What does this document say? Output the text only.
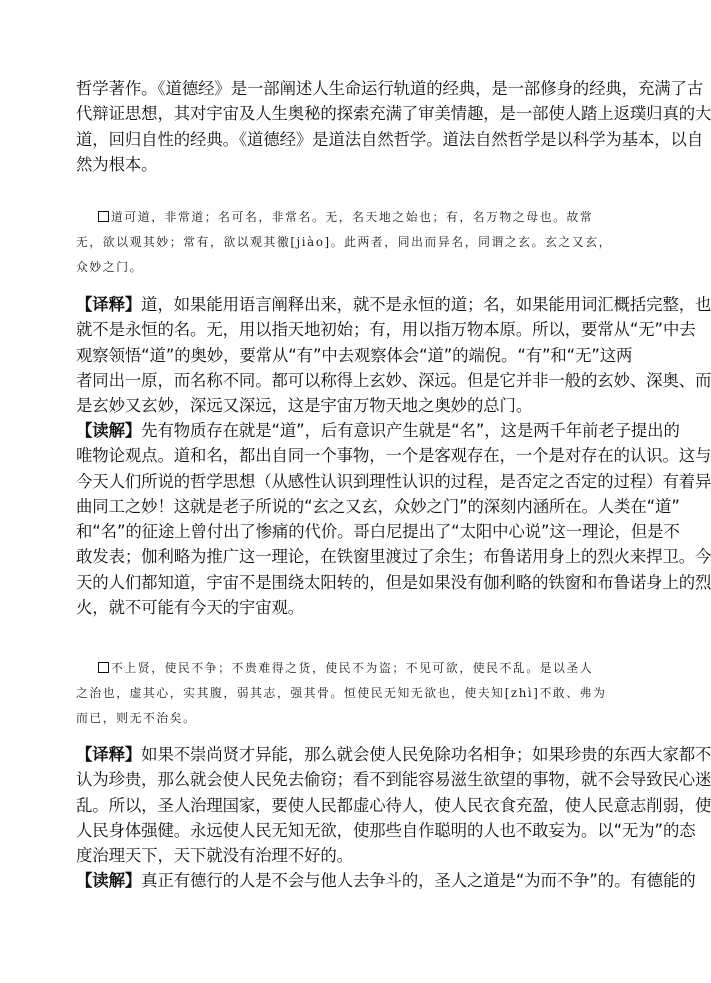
哲学著作。《道德经》是一部阐述人生命运行轨道的经典，是一部修身的经典，充满了古
代辩证思想，其对宇宙及人生奥秘的探索充满了审美情趣，是一部使人踏上返璞归真的大
道，回归自性的经典。《道德经》是道法自然哲学。道法自然哲学是以科学为基本，以自
然为根本。
道可道，非常道；名可名，非常名。无，名天地之始也；有，名万物之母也。故常
无，欲以观其妙；常有，欲以观其徼[jiào]。此两者，同出而异名，同谓之玄。玄之又玄，
众妙之门。
【译释】道，如果能用语言阐释出来，就不是永恒的道；名，如果能用词汇概括完整，也
就不是永恒的名。无，用以指天地初始；有，用以指万物本原。所以，要常从“无”中去
观察领悟“道”的奥妙，要常从“有”中去观察体会“道”的端倪。“有”和“无”这两
者同出一原，而名称不同。都可以称得上玄妙、深远。但是它并非一般的玄妙、深奥、而
是玄妙又玄妙，深远又深远，这是宇宙万物天地之奥妙的总门。
【读解】先有物质存在就是“道”，后有意识产生就是“名”，这是两千年前老子提出的
唯物论观点。道和名，都出自同一个事物，一个是客观存在，一个是对存在的认识。这与
今天人们所说的哲学思想（从感性认识到理性认识的过程，是否定之否定的过程）有着异
曲同工之妙！这就是老子所说的“玄之又玄，众妙之门”的深刻内涵所在。人类在“道”
和“名”的征途上曾付出了惨痛的代价。哥白尼提出了“太阳中心说”这一理论，但是不
敢发表；伽利略为推广这一理论，在铁窗里渡过了余生；布鲁诺用身上的烈火来捍卫。今
天的人们都知道，宇宙不是围绕太阳转的，但是如果没有伽利略的铁窗和布鲁诺身上的烈
火，就不可能有今天的宇宙观。
不上贤，使民不争；不贵难得之货，使民不为盗；不见可欲，使民不乱。是以圣人
之治也，虚其心，实其腹，弱其志，强其骨。恒使民无知无欲也，使夫知[zhì]不敢、弗为
而已，则无不治矣。
【译释】如果不崇尚贤才异能，那么就会使人民免除功名相争；如果珍贵的东西大家都不
认为珍贵，那么就会使人民免去偷窃；看不到能容易滋生欲望的事物，就不会导致民心迷
乱。所以，圣人治理国家，要使人民都虚心待人，使人民衣食充盈，使人民意志削弱，使
人民身体强健。永远使人民无知无欲，使那些自作聪明的人也不敢妄为。以“无为”的态
度治理天下，天下就没有治理不好的。
【读解】真正有德行的人是不会与他人去争斗的，圣人之道是“为而不争”的。有德能的
